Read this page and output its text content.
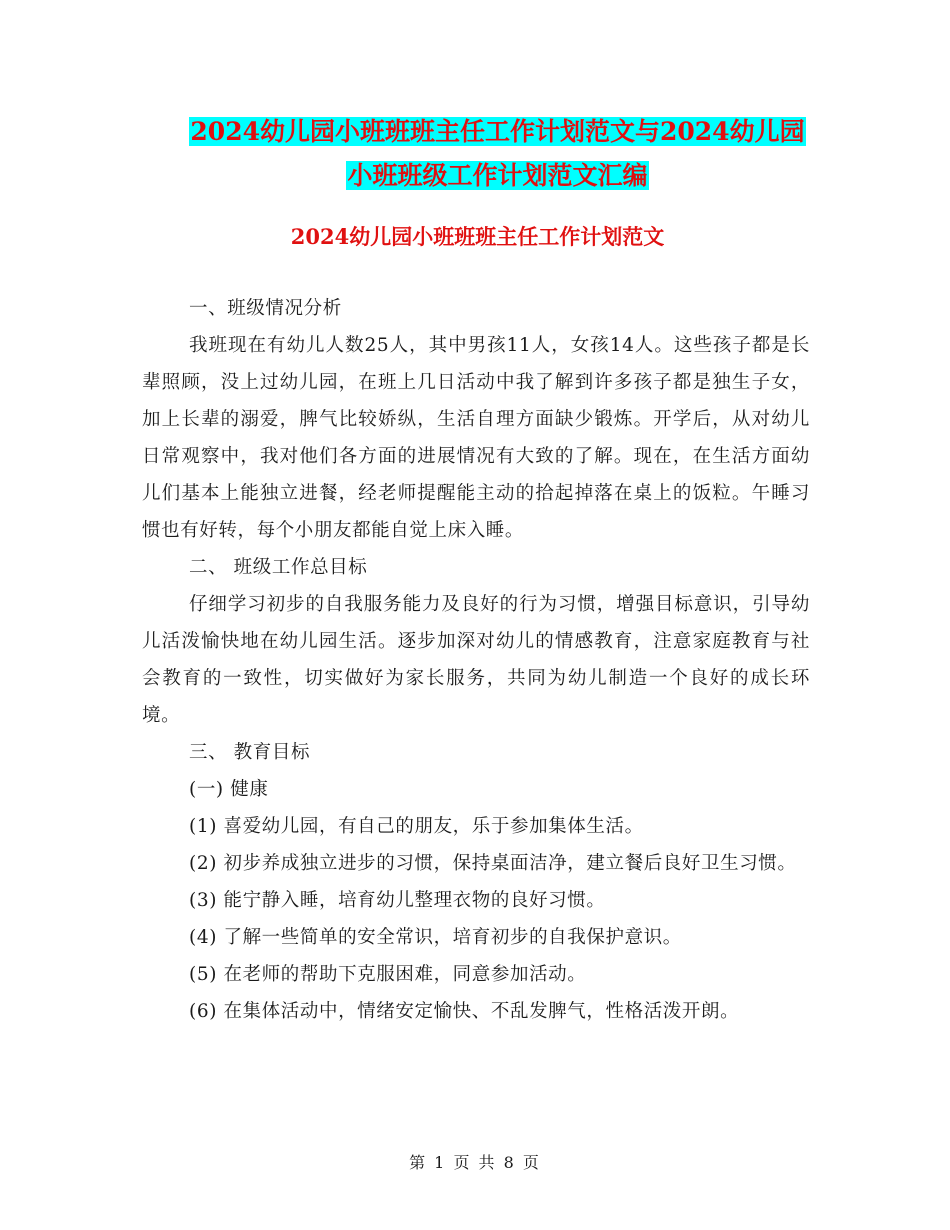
2024幼儿园小班班班主任工作计划范文与2024幼儿园
小班班级工作计划范文汇编
2024幼儿园小班班班主任工作计划范文

一、班级情况分析

我班现在有幼儿人数25人，其中男孩11人，女孩14人。这些孩子都是长辈照顾，没上过幼儿园，在班上几日活动中我了解到许多孩子都是独生子女，加上长辈的溺爱，脾气比较娇纵，生活自理方面缺少锻炼。开学后，从对幼儿日常观察中，我对他们各方面的进展情况有大致的了解。现在，在生活方面幼儿们基本上能独立进餐，经老师提醒能主动的拾起掉落在桌上的饭粒。午睡习惯也有好转，每个小朋友都能自觉上床入睡。

二、 班级工作总目标

仔细学习初步的自我服务能力及良好的行为习惯，增强目标意识，引导幼儿活泼愉快地在幼儿园生活。逐步加深对幼儿的情感教育，注意家庭教育与社会教育的一致性，切实做好为家长服务，共同为幼儿制造一个良好的成长环境。

三、 教育目标

(一) 健康

(1) 喜爱幼儿园，有自己的朋友，乐于参加集体生活。

(2) 初步养成独立进步的习惯，保持桌面洁净，建立餐后良好卫生习惯。

(3) 能宁静入睡，培育幼儿整理衣物的良好习惯。

(4) 了解一些简单的安全常识，培育初步的自我保护意识。

(5) 在老师的帮助下克服困难，同意参加活动。

(6) 在集体活动中，情绪安定愉快、不乱发脾气，性格活泼开朗。

第 1 页 共 8 页
